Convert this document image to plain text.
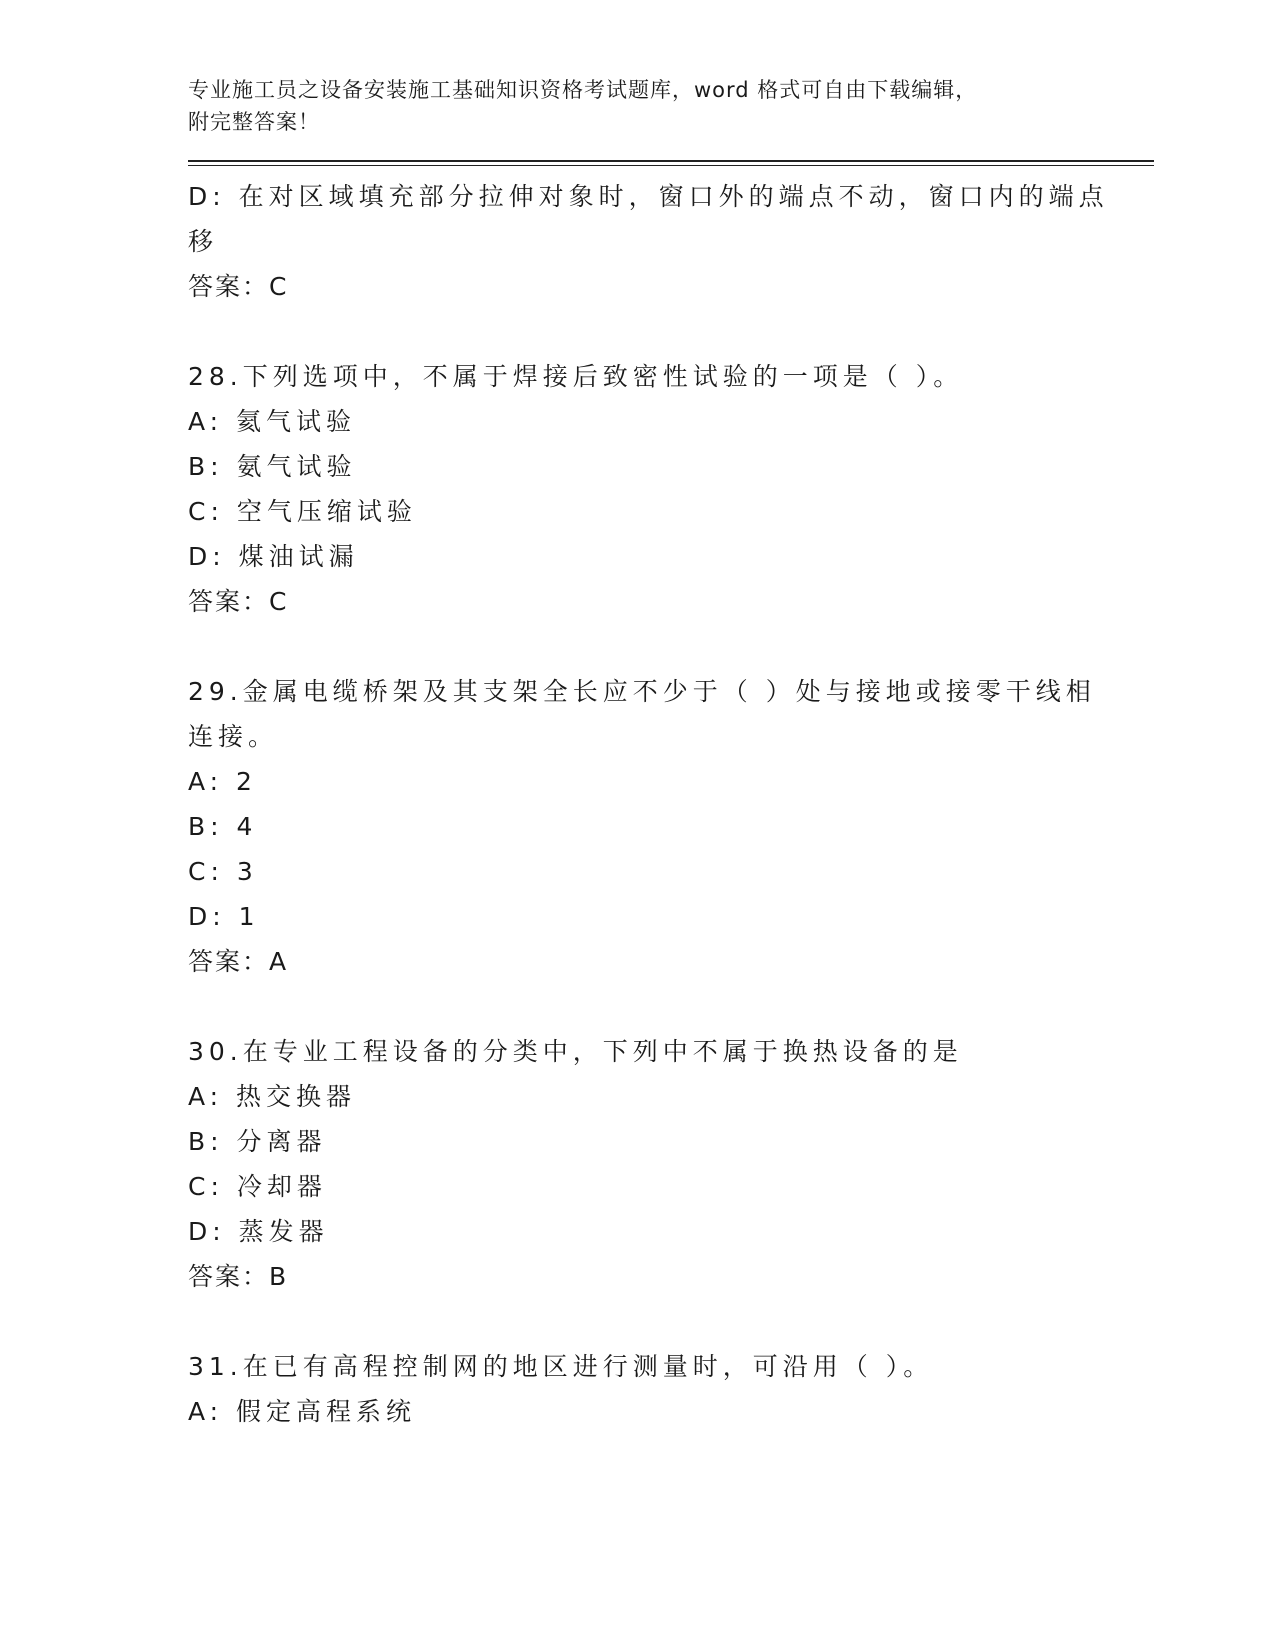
专业施工员之设备安装施工基础知识资格考试题库，word 格式可自由下载编辑，
附完整答案！
D: 在对区域填充部分拉伸对象时，窗口外的端点不动，窗口内的端点
移
答案：C
28.下列选项中，不属于焊接后致密性试验的一项是（ ）。
A: 氦气试验
B: 氨气试验
C: 空气压缩试验
D: 煤油试漏
答案：C
29.金属电缆桥架及其支架全长应不少于（ ）处与接地或接零干线相
连接。
A: 2
B: 4
C: 3
D: 1
答案：A
30.在专业工程设备的分类中，下列中不属于换热设备的是
A: 热交换器
B: 分离器
C: 冷却器
D: 蒸发器
答案：B
31.在已有高程控制网的地区进行测量时，可沿用（ ）。
A: 假定高程系统
